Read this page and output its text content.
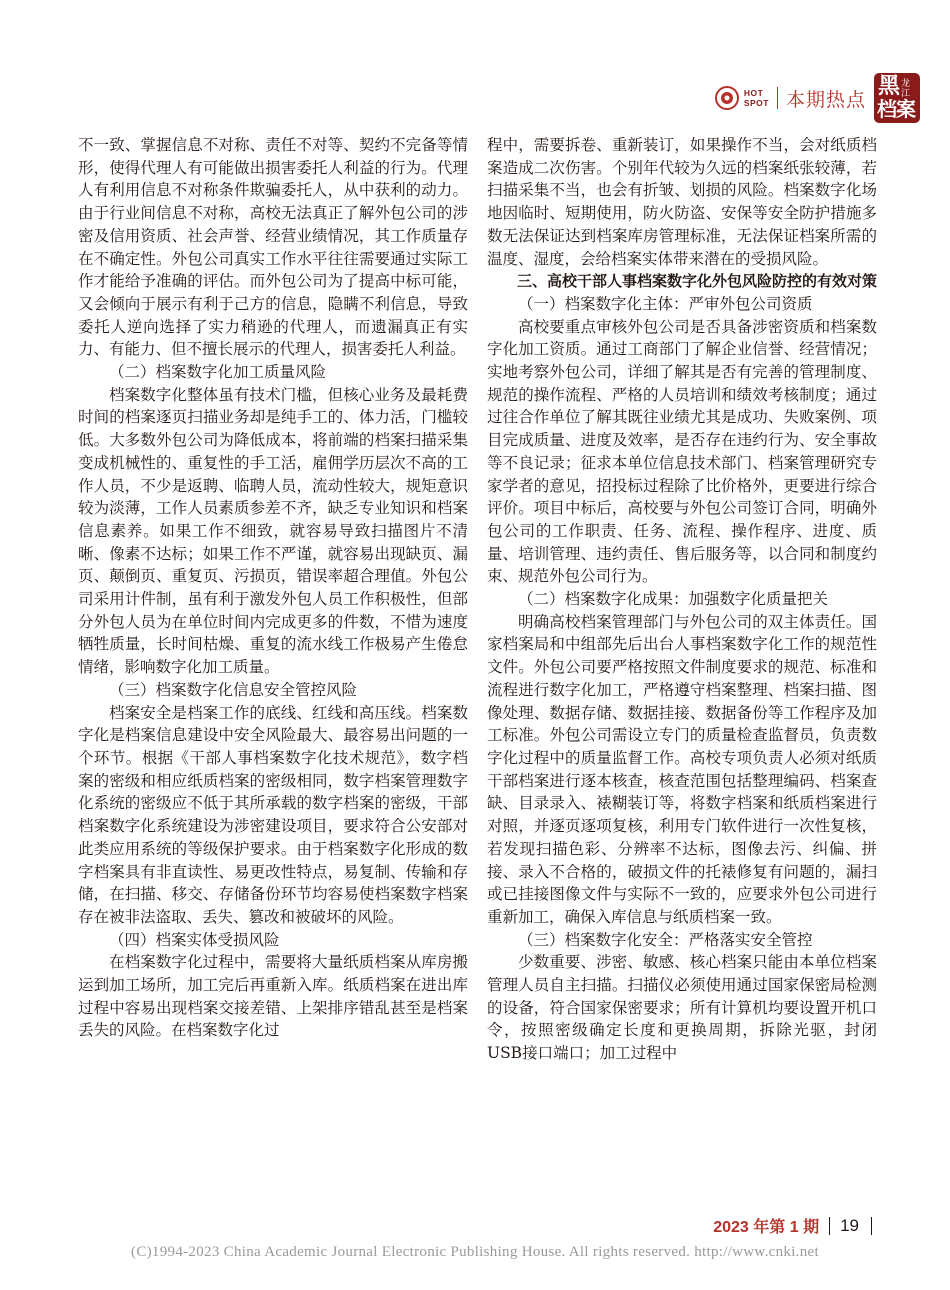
HOT
SPOT 本期热点
黑 龙江
档案

不一致、掌握信息不对称、责任不对等、契约不完备等情形，使得代理人有可能做出损害委托人利益的行为。代理人有利用信息不对称条件欺骗委托人，从中获利的动力。由于行业间信息不对称，高校无法真正了解外包公司的涉密及信用资质、社会声誉、经营业绩情况，其工作质量存在不确定性。外包公司真实工作水平往往需要通过实际工作才能给予准确的评估。而外包公司为了提高中标可能，又会倾向于展示有利于己方的信息，隐瞒不利信息，导致委托人逆向选择了实力稍逊的代理人，而遗漏真正有实力、有能力、但不擅长展示的代理人，损害委托人利益。

（二）档案数字化加工质量风险

档案数字化整体虽有技术门槛，但核心业务及最耗费时间的档案逐页扫描业务却是纯手工的、体力活，门槛较低。大多数外包公司为降低成本，将前端的档案扫描采集变成机械性的、重复性的手工活，雇佣学历层次不高的工作人员，不少是返聘、临聘人员，流动性较大，规矩意识较为淡薄，工作人员素质参差不齐，缺乏专业知识和档案信息素养。如果工作不细致，就容易导致扫描图片不清晰、像素不达标；如果工作不严谨，就容易出现缺页、漏页、颠倒页、重复页、污损页，错误率超合理值。外包公司采用计件制，虽有利于激发外包人员工作积极性，但部分外包人员为在单位时间内完成更多的件数，不惜为速度牺牲质量，长时间枯燥、重复的流水线工作极易产生倦怠情绪，影响数字化加工质量。

（三）档案数字化信息安全管控风险

档案安全是档案工作的底线、红线和高压线。档案数字化是档案信息建设中安全风险最大、最容易出问题的一个环节。根据《干部人事档案数字化技术规范》，数字档案的密级和相应纸质档案的密级相同，数字档案管理数字化系统的密级应不低于其所承载的数字档案的密级，干部档案数字化系统建设为涉密建设项目，要求符合公安部对此类应用系统的等级保护要求。由于档案数字化形成的数字档案具有非直读性、易更改性特点，易复制、传输和存储，在扫描、移交、存储备份环节均容易使档案数字档案存在被非法盗取、丢失、篡改和被破坏的风险。

（四）档案实体受损风险

在档案数字化过程中，需要将大量纸质档案从库房搬运到加工场所，加工完后再重新入库。纸质档案在进出库过程中容易出现档案交接差错、上架排序错乱甚至是档案丢失的风险。在档案数字化过

程中，需要拆卷、重新装订，如果操作不当，会对纸质档案造成二次伤害。个别年代较为久远的档案纸张较薄，若扫描采集不当，也会有折皱、划损的风险。档案数字化场地因临时、短期使用，防火防盗、安保等安全防护措施多数无法保证达到档案库房管理标准，无法保证档案所需的温度、湿度，会给档案实体带来潜在的受损风险。

三、高校干部人事档案数字化外包风险防控的有效对策
（一）档案数字化主体：严审外包公司资质

高校要重点审核外包公司是否具备涉密资质和档案数字化加工资质。通过工商部门了解企业信誉、经营情况；实地考察外包公司，详细了解其是否有完善的管理制度、规范的操作流程、严格的人员培训和绩效考核制度；通过过往合作单位了解其既往业绩尤其是成功、失败案例、项目完成质量、进度及效率，是否存在违约行为、安全事故等不良记录；征求本单位信息技术部门、档案管理研究专家学者的意见，招投标过程除了比价格外，更要进行综合评价。项目中标后，高校要与外包公司签订合同，明确外包公司的工作职责、任务、流程、操作程序、进度、质量、培训管理、违约责任、售后服务等，以合同和制度约束、规范外包公司行为。

（二）档案数字化成果：加强数字化质量把关

明确高校档案管理部门与外包公司的双主体责任。国家档案局和中组部先后出台人事档案数字化工作的规范性文件。外包公司要严格按照文件制度要求的规范、标准和流程进行数字化加工，严格遵守档案整理、档案扫描、图像处理、数据存储、数据挂接、数据备份等工作程序及加工标准。外包公司需设立专门的质量检查监督员，负责数字化过程中的质量监督工作。高校专项负责人必须对纸质干部档案进行逐本核查，核查范围包括整理编码、档案查缺、目录录入、裱糊装订等，将数字档案和纸质档案进行对照，并逐页逐项复核，利用专门软件进行一次性复核，若发现扫描色彩、分辨率不达标，图像去污、纠偏、拼接、录入不合格的，破损文件的托裱修复有问题的，漏扫或已挂接图像文件与实际不一致的，应要求外包公司进行重新加工，确保入库信息与纸质档案一致。

（三）档案数字化安全：严格落实安全管控

少数重要、涉密、敏感、核心档案只能由本单位档案管理人员自主扫描。扫描仪必须使用通过国家保密局检测的设备，符合国家保密要求；所有计算机均要设置开机口令，按照密级确定长度和更换周期，拆除光驱，封闭USB接口端口；加工过程中

2023 年第 1 期 19
(C)1994-2023 China Academic Journal Electronic Publishing House. All rights reserved. http://www.cnki.net
